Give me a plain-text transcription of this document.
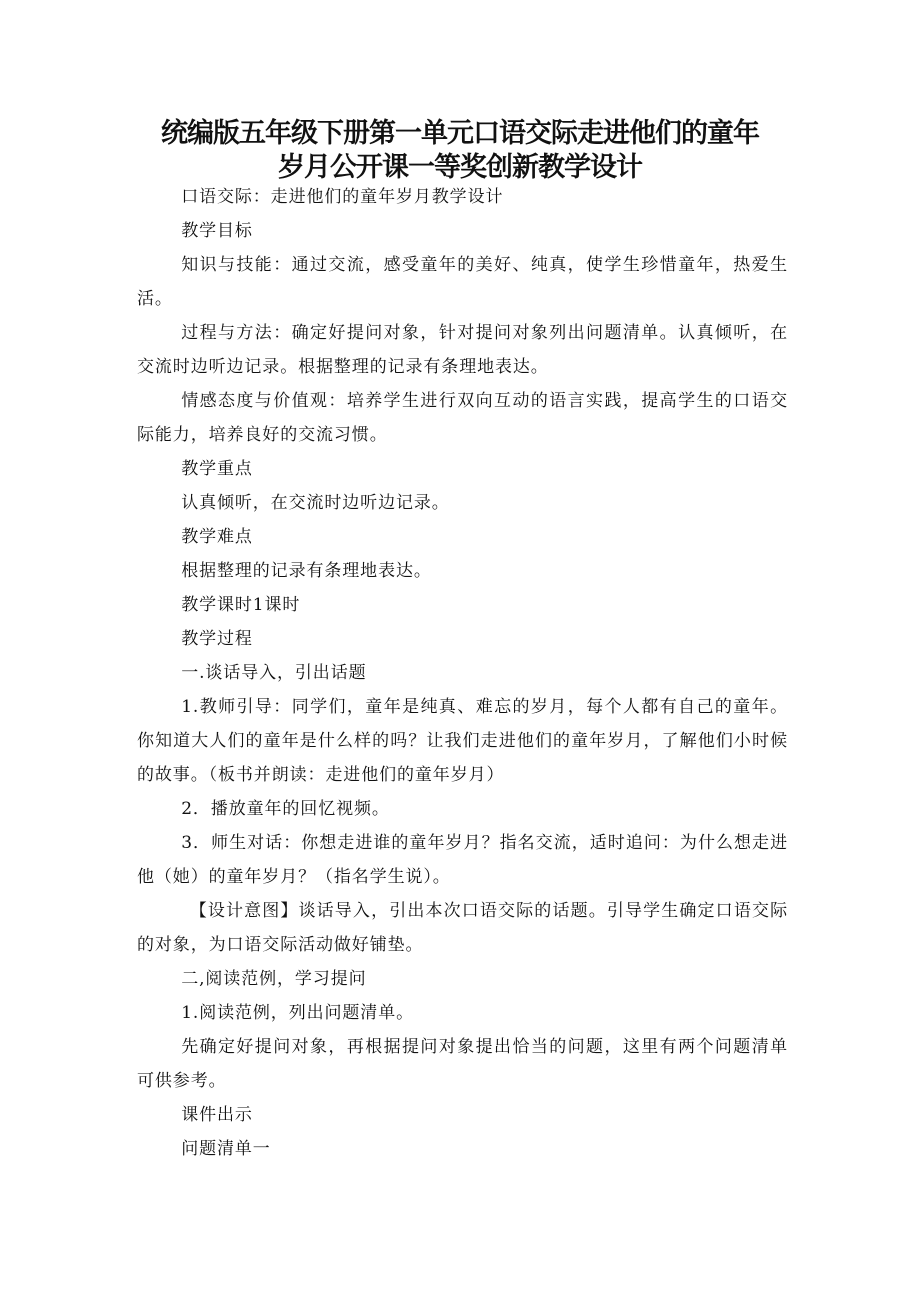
统编版五年级下册第一单元口语交际走进他们的童年
岁月公开课一等奖创新教学设计

口语交际：走进他们的童年岁月教学设计

教学目标

知识与技能：通过交流，感受童年的美好、纯真，使学生珍惜童年，热爱生活。

过程与方法：确定好提问对象，针对提问对象列出问题清单。认真倾听，在交流时边听边记录。根据整理的记录有条理地表达。

情感态度与价值观：培养学生进行双向互动的语言实践，提高学生的口语交际能力，培养良好的交流习惯。

教学重点

认真倾听，在交流时边听边记录。

教学难点

根据整理的记录有条理地表达。

教学课时1课时

教学过程

一.谈话导入，引出话题

1.教师引导：同学们，童年是纯真、难忘的岁月，每个人都有自己的童年。你知道大人们的童年是什么样的吗？让我们走进他们的童年岁月，了解他们小时候的故事。（板书并朗读：走进他们的童年岁月）

2．播放童年的回忆视频。

3．师生对话：你想走进谁的童年岁月？指名交流，适时追问：为什么想走进他（她）的童年岁月？（指名学生说）。

【设计意图】谈话导入，引出本次口语交际的话题。引导学生确定口语交际的对象，为口语交际活动做好铺垫。

二,阅读范例，学习提问

1.阅读范例，列出问题清单。

先确定好提问对象，再根据提问对象提出恰当的问题，这里有两个问题清单可供参考。

课件出示

问题清单一
